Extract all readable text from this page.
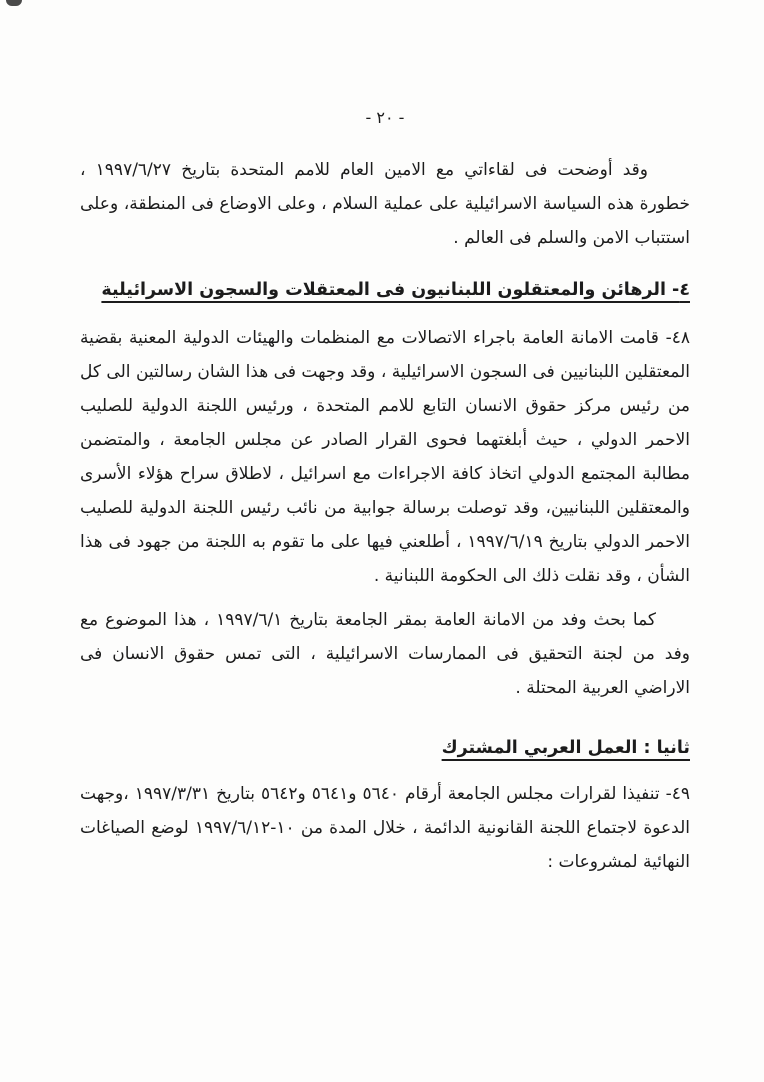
- ٢٠ -

وقد أوضحت فى لقاءاتي مع الامين العام للامم المتحدة بتاريخ ١٩٩٧/٦/٢٧ ، خطورة هذه السياسة الاسرائيلية على عملية السلام ، وعلى الاوضاع فى المنطقة، وعلى استتباب الامن والسلم فى العالم .

٤- الرهائن والمعتقلون اللبنانيون فى المعتقلات والسجون الاسرائيلية

٤٨- قامت الامانة العامة باجراء الاتصالات مع المنظمات والهيئات الدولية المعنية بقضية المعتقلين اللبنانيين فى السجون الاسرائيلية ، وقد وجهت فى هذا الشان رسالتين الى كل من رئيس مركز حقوق الانسان التابع للامم المتحدة ، ورئيس اللجنة الدولية للصليب الاحمر الدولي ، حيث أبلغتهما فحوى القرار الصادر عن مجلس الجامعة ، والمتضمن مطالبة المجتمع الدولي اتخاذ كافة الاجراءات مع اسرائيل ، لاطلاق سراح هؤلاء الأسرى والمعتقلين اللبنانيين، وقد توصلت برسالة جوابية من نائب رئيس اللجنة الدولية للصليب الاحمر الدولي بتاريخ ١٩٩٧/٦/١٩ ، أطلعني فيها على ما تقوم به اللجنة من جهود فى هذا الشأن ، وقد نقلت ذلك الى الحكومة اللبنانية .

كما بحث وفد من الامانة العامة بمقر الجامعة بتاريخ ١٩٩٧/٦/١ ، هذا الموضوع مع وفد من لجنة التحقيق فى الممارسات الاسرائيلية ، التى تمس حقوق الانسان فى الاراضي العربية المحتلة .

ثانيا : العمل العربي المشترك

٤٩- تنفيذا لقرارات مجلس الجامعة أرقام ٥٦٤٠ و٥٦٤١ و٥٦٤٢ بتاريخ ١٩٩٧/٣/٣١ ،وجهت الدعوة لاجتماع اللجنة القانونية الدائمة ، خلال المدة من ١٠-١٩٩٧/٦/١٢ لوضع الصياغات النهائية لمشروعات :
